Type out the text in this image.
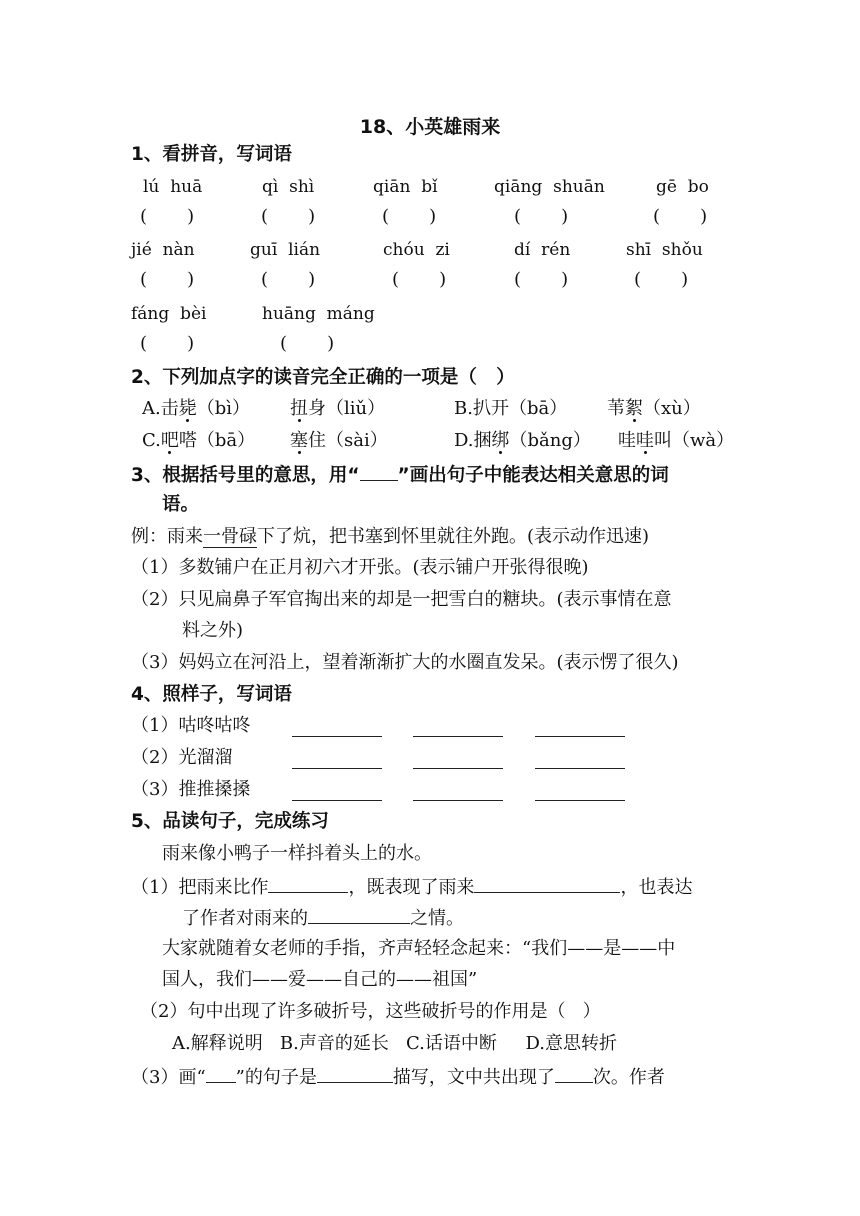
18、小英雄雨来
1、看拼音，写词语
lú  huā	qì  shì	qiān  bǐ	qiāng  shuān	gē  bo
(       )	(       )	(       )	(       )	(       )
jié  nàn	guī  lián	chóu  zi	dí  rén	shī  shǒu
(       )	(       )	(       )	(       )	(       )
fáng  bèi	huāng  máng
(       )	(       )
2、下列加点字的读音完全正确的一项是（   ）
A.击毙（bì） 扭身（liǔ）	B.扒开（bā） 苇絮（xù）
C.吧嗒（bā） 塞住（sài）	D.捆绑（bǎng） 哇哇叫（wà）
3、根据括号里的意思，用“ ”画出句子中能表达相关意思的词
语。
例：雨来一骨碌下了炕，把书塞到怀里就往外跑。(表示动作迅速)
（1）多数铺户在正月初六才开张。(表示铺户开张得很晚)
（2）只见扁鼻子军官掏出来的却是一把雪白的糖块。(表示事情在意
料之外)
（3）妈妈立在河沿上，望着渐渐扩大的水圈直发呆。(表示愣了很久)
4、照样子，写词语
（1）咕咚咕咚
（2）光溜溜
（3）推推搡搡
5、品读句子，完成练习
雨来像小鸭子一样抖着头上的水。
（1）把雨来比作	，既表现了雨来	，也表达
了作者对雨来的	之情。
大家就随着女老师的手指，齐声轻轻念起来：“我们——是——中
国人，我们——爱——自己的——祖国”
（2）句中出现了许多破折号，这些破折号的作用是（   ）
A.解释说明   B.声音的延长   C.话语中断     D.意思转折
（3）画“ ”的句子是	描写，文中共出现了 次。作者
